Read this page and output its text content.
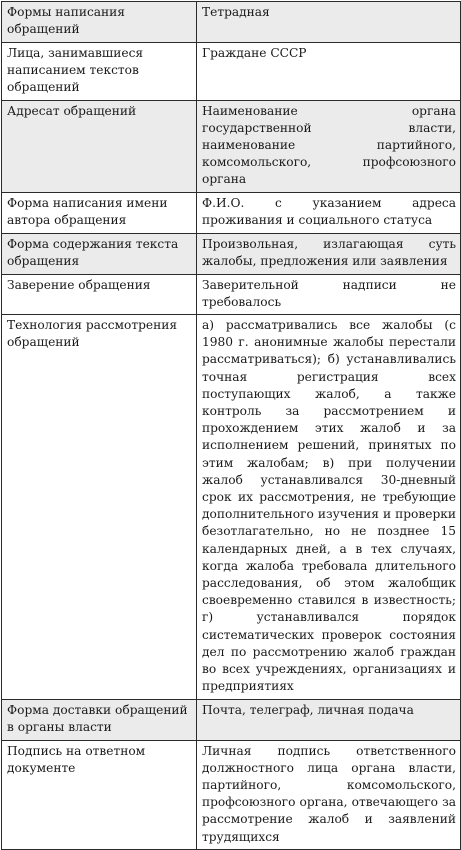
Формы написания обращений	Тетрадная
Лица, занимавшиеся написанием текстов обращений	Граждане СССР
Адресат обращений	Наименование органа государственной власти, наименование партийного, комсомольского, профсоюзного органа
Форма написания имени автора обращения	Ф.И.О. с указанием адреса проживания и социального статуса
Форма содержания текста обращения	Произвольная, излагающая суть жалобы, предложения или заявления
Заверение обращения	Заверительной надписи не требовалось
Технология рассмотрения обращений	а) рассматривались все жалобы (с 1980 г. анонимные жалобы перестали рассматриваться); б) устанавливались точная регистрация всех поступающих жалоб, а также контроль за рассмотрением и прохождением этих жалоб и за исполнением решений, принятых по этим жалобам; в) при получении жалоб устанавливался 30-дневный срок их рассмотрения, не требующие дополнительного изучения и проверки безотлагательно, но не позднее 15 календарных дней, а в тех случаях, когда жалоба требовала длительного расследования, об этом жалобщик своевременно ставился в известность; г) устанавливался порядок систематических проверок состояния дел по рассмотрению жалоб граждан во всех учреждениях, организациях и предприятиях
Форма доставки обращений в органы власти	Почта, телеграф, личная подача
Подпись на ответном документе	Личная подпись ответственного должностного лица органа власти, партийного, комсомольского, профсоюзного органа, отвечающего за рассмотрение жалоб и заявлений трудящихся
